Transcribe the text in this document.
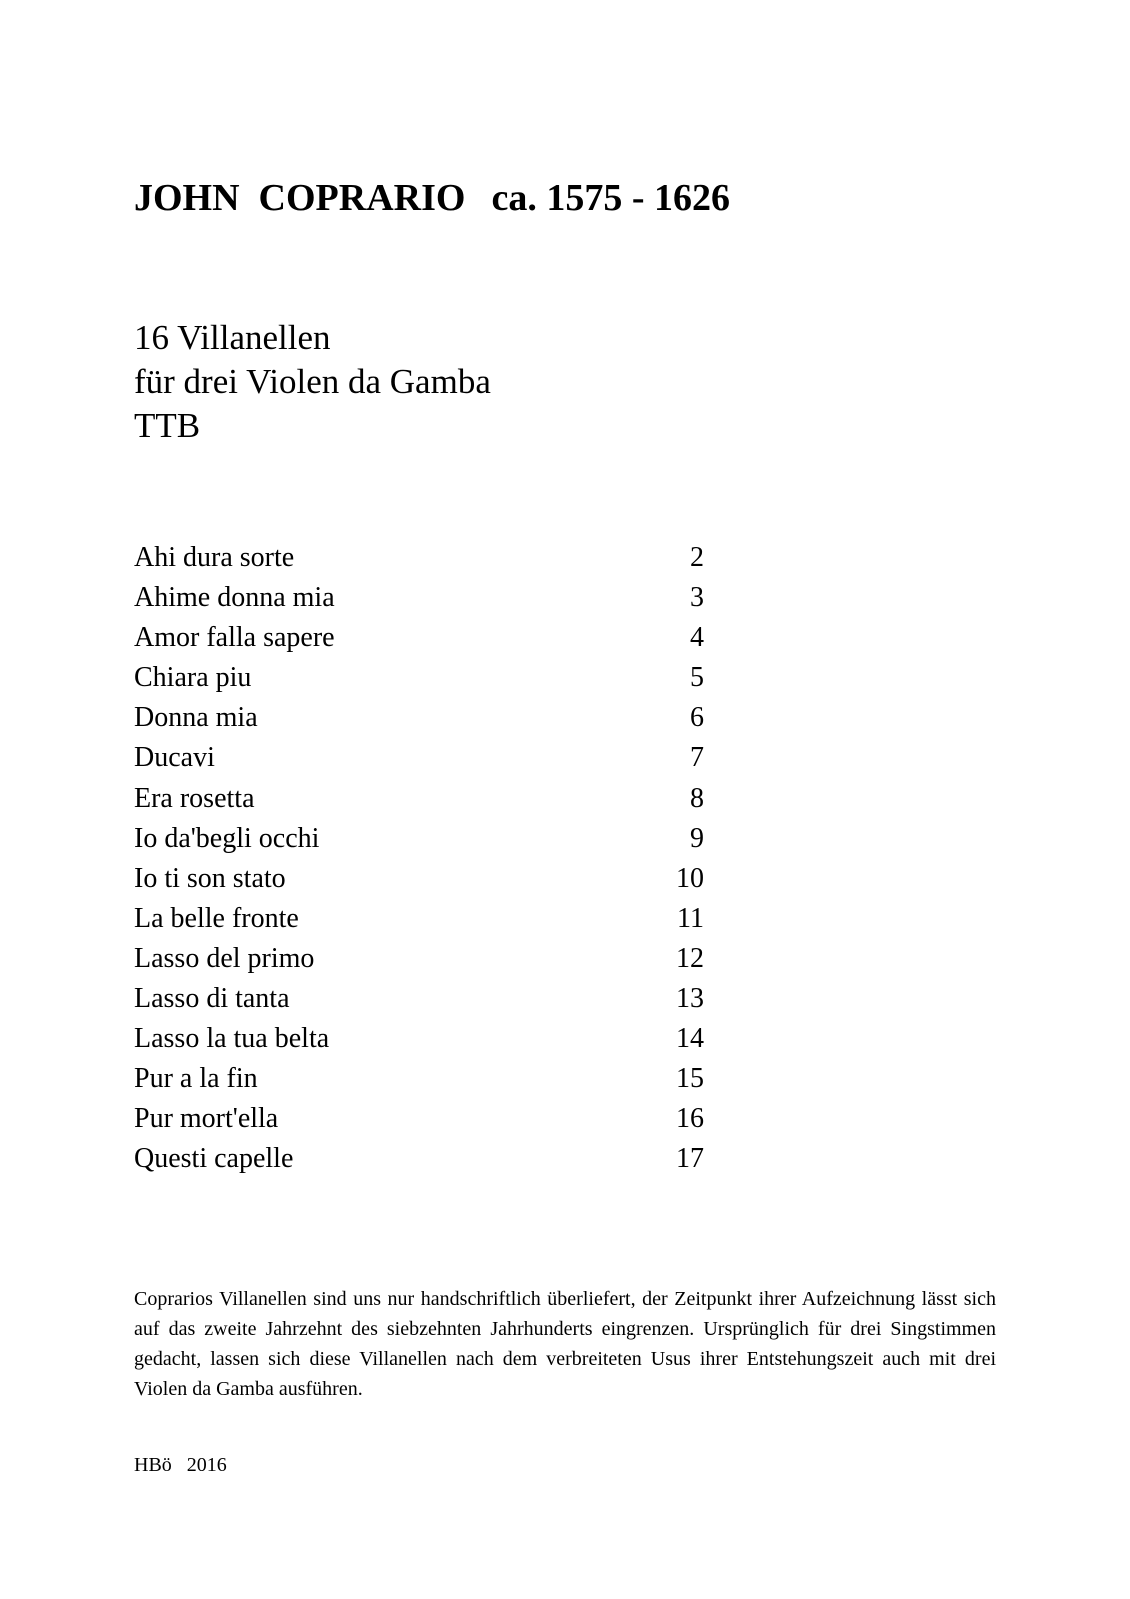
JOHN  COPRARIO ca. 1575 - 1626
16 Villanellen
für drei Violen da Gamba
TTB
Ahi dura sorte	2
Ahime donna mia	3
Amor falla sapere	4
Chiara piu	5
Donna mia	6
Ducavi	7
Era rosetta	8
Io da'begli occhi	9
Io ti son stato	10
La belle fronte	11
Lasso del primo	12
Lasso di tanta	13
Lasso la tua belta	14
Pur a la fin	15
Pur mort'ella	16
Questi capelle	17

Coprarios Villanellen sind uns nur handschriftlich überliefert, der Zeitpunkt ihrer Aufzeichnung lässt sich auf das zweite Jahrzehnt des siebzehnten Jahrhunderts eingrenzen. Ursprünglich für drei Singstimmen gedacht, lassen sich diese Villanellen nach dem verbreiteten Usus ihrer Entstehungszeit auch mit drei Violen da Gamba ausführen.

HBö   2016
